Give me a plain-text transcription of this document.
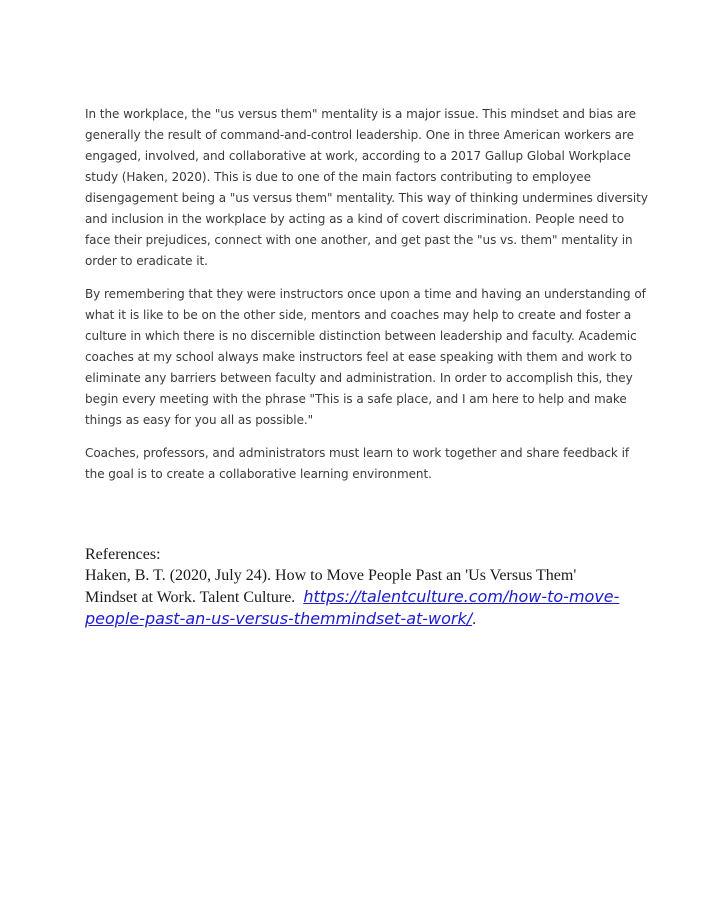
In the workplace, the "us versus them" mentality is a major issue. This mindset and bias are
generally the result of command-and-control leadership. One in three American workers are
engaged, involved, and collaborative at work, according to a 2017 Gallup Global Workplace
study (Haken, 2020). This is due to one of the main factors contributing to employee
disengagement being a "us versus them" mentality. This way of thinking undermines diversity
and inclusion in the workplace by acting as a kind of covert discrimination. People need to
face their prejudices, connect with one another, and get past the "us vs. them" mentality in
order to eradicate it.

By remembering that they were instructors once upon a time and having an understanding of
what it is like to be on the other side, mentors and coaches may help to create and foster a
culture in which there is no discernible distinction between leadership and faculty. Academic
coaches at my school always make instructors feel at ease speaking with them and work to
eliminate any barriers between faculty and administration. In order to accomplish this, they
begin every meeting with the phrase "This is a safe place, and I am here to help and make
things as easy for you all as possible."

Coaches, professors, and administrators must learn to work together and share feedback if
the goal is to create a collaborative learning environment.

References:
Haken, B. T. (2020, July 24). How to Move People Past an 'Us Versus Them'
Mindset at Work. Talent Culture. https://talentculture.com/how-to-move-
people-past-an-us-versus-themmindset-at-work/.
